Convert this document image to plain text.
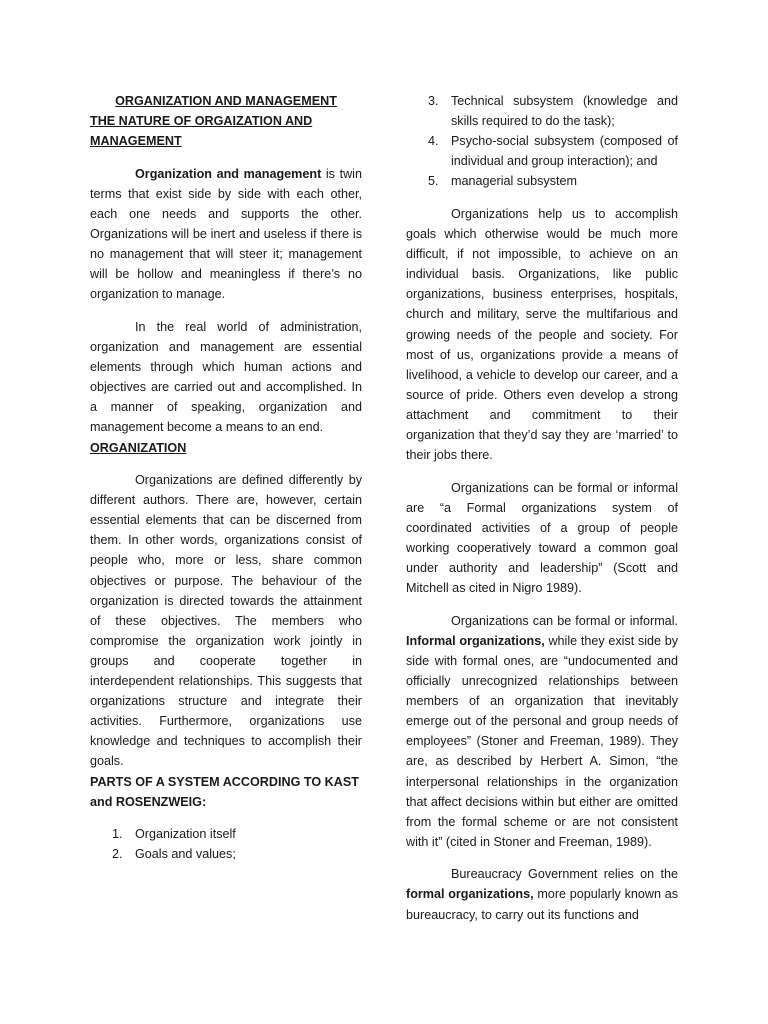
ORGANIZATION AND MANAGEMENT

THE NATURE OF ORGAIZATION AND MANAGEMENT

Organization and management is twin terms that exist side by side with each other, each one needs and supports the other. Organizations will be inert and useless if there is no management that will steer it; management will be hollow and meaningless if there’s no organization to manage.

In the real world of administration, organization and management are essential elements through which human actions and objectives are carried out and accomplished. In a manner of speaking, organization and management become a means to an end.

ORGANIZATION

Organizations are defined differently by different authors. There are, however, certain essential elements that can be discerned from them. In other words, organizations consist of people who, more or less, share common objectives or purpose. The behaviour of the organization is directed towards the attainment of these objectives. The members who compromise the organization work jointly in groups and cooperate together in interdependent relationships. This suggests that organizations structure and integrate their activities. Furthermore, organizations use knowledge and techniques to accomplish their goals.

PARTS OF A SYSTEM ACCORDING TO KAST and ROSENZWEIG:

1. Organization itself
2. Goals and values;
3. Technical subsystem (knowledge and skills required to do the task);
4. Psycho-social subsystem (composed of individual and group interaction); and
5. managerial subsystem

Organizations help us to accomplish goals which otherwise would be much more difficult, if not impossible, to achieve on an individual basis. Organizations, like public organizations, business enterprises, hospitals, church and military, serve the multifarious and growing needs of the people and society. For most of us, organizations provide a means of livelihood, a vehicle to develop our career, and a source of pride. Others even develop a strong attachment and commitment to their organization that they’d say they are ‘married’ to their jobs there.

Organizations can be formal or informal are “a Formal organizations system of coordinated activities of a group of people working cooperatively toward a common goal under authority and leadership” (Scott and Mitchell as cited in Nigro 1989).

Organizations can be formal or informal. Informal organizations, while they exist side by side with formal ones, are “undocumented and officially unrecognized relationships between members of an organization that inevitably emerge out of the personal and group needs of employees” (Stoner and Freeman, 1989). They are, as described by Herbert A. Simon, “the interpersonal relationships in the organization that affect decisions within but either are omitted from the formal scheme or are not consistent with it” (cited in Stoner and Freeman, 1989).

Bureaucracy Government relies on the formal organizations, more popularly known as bureaucracy, to carry out its functions and
